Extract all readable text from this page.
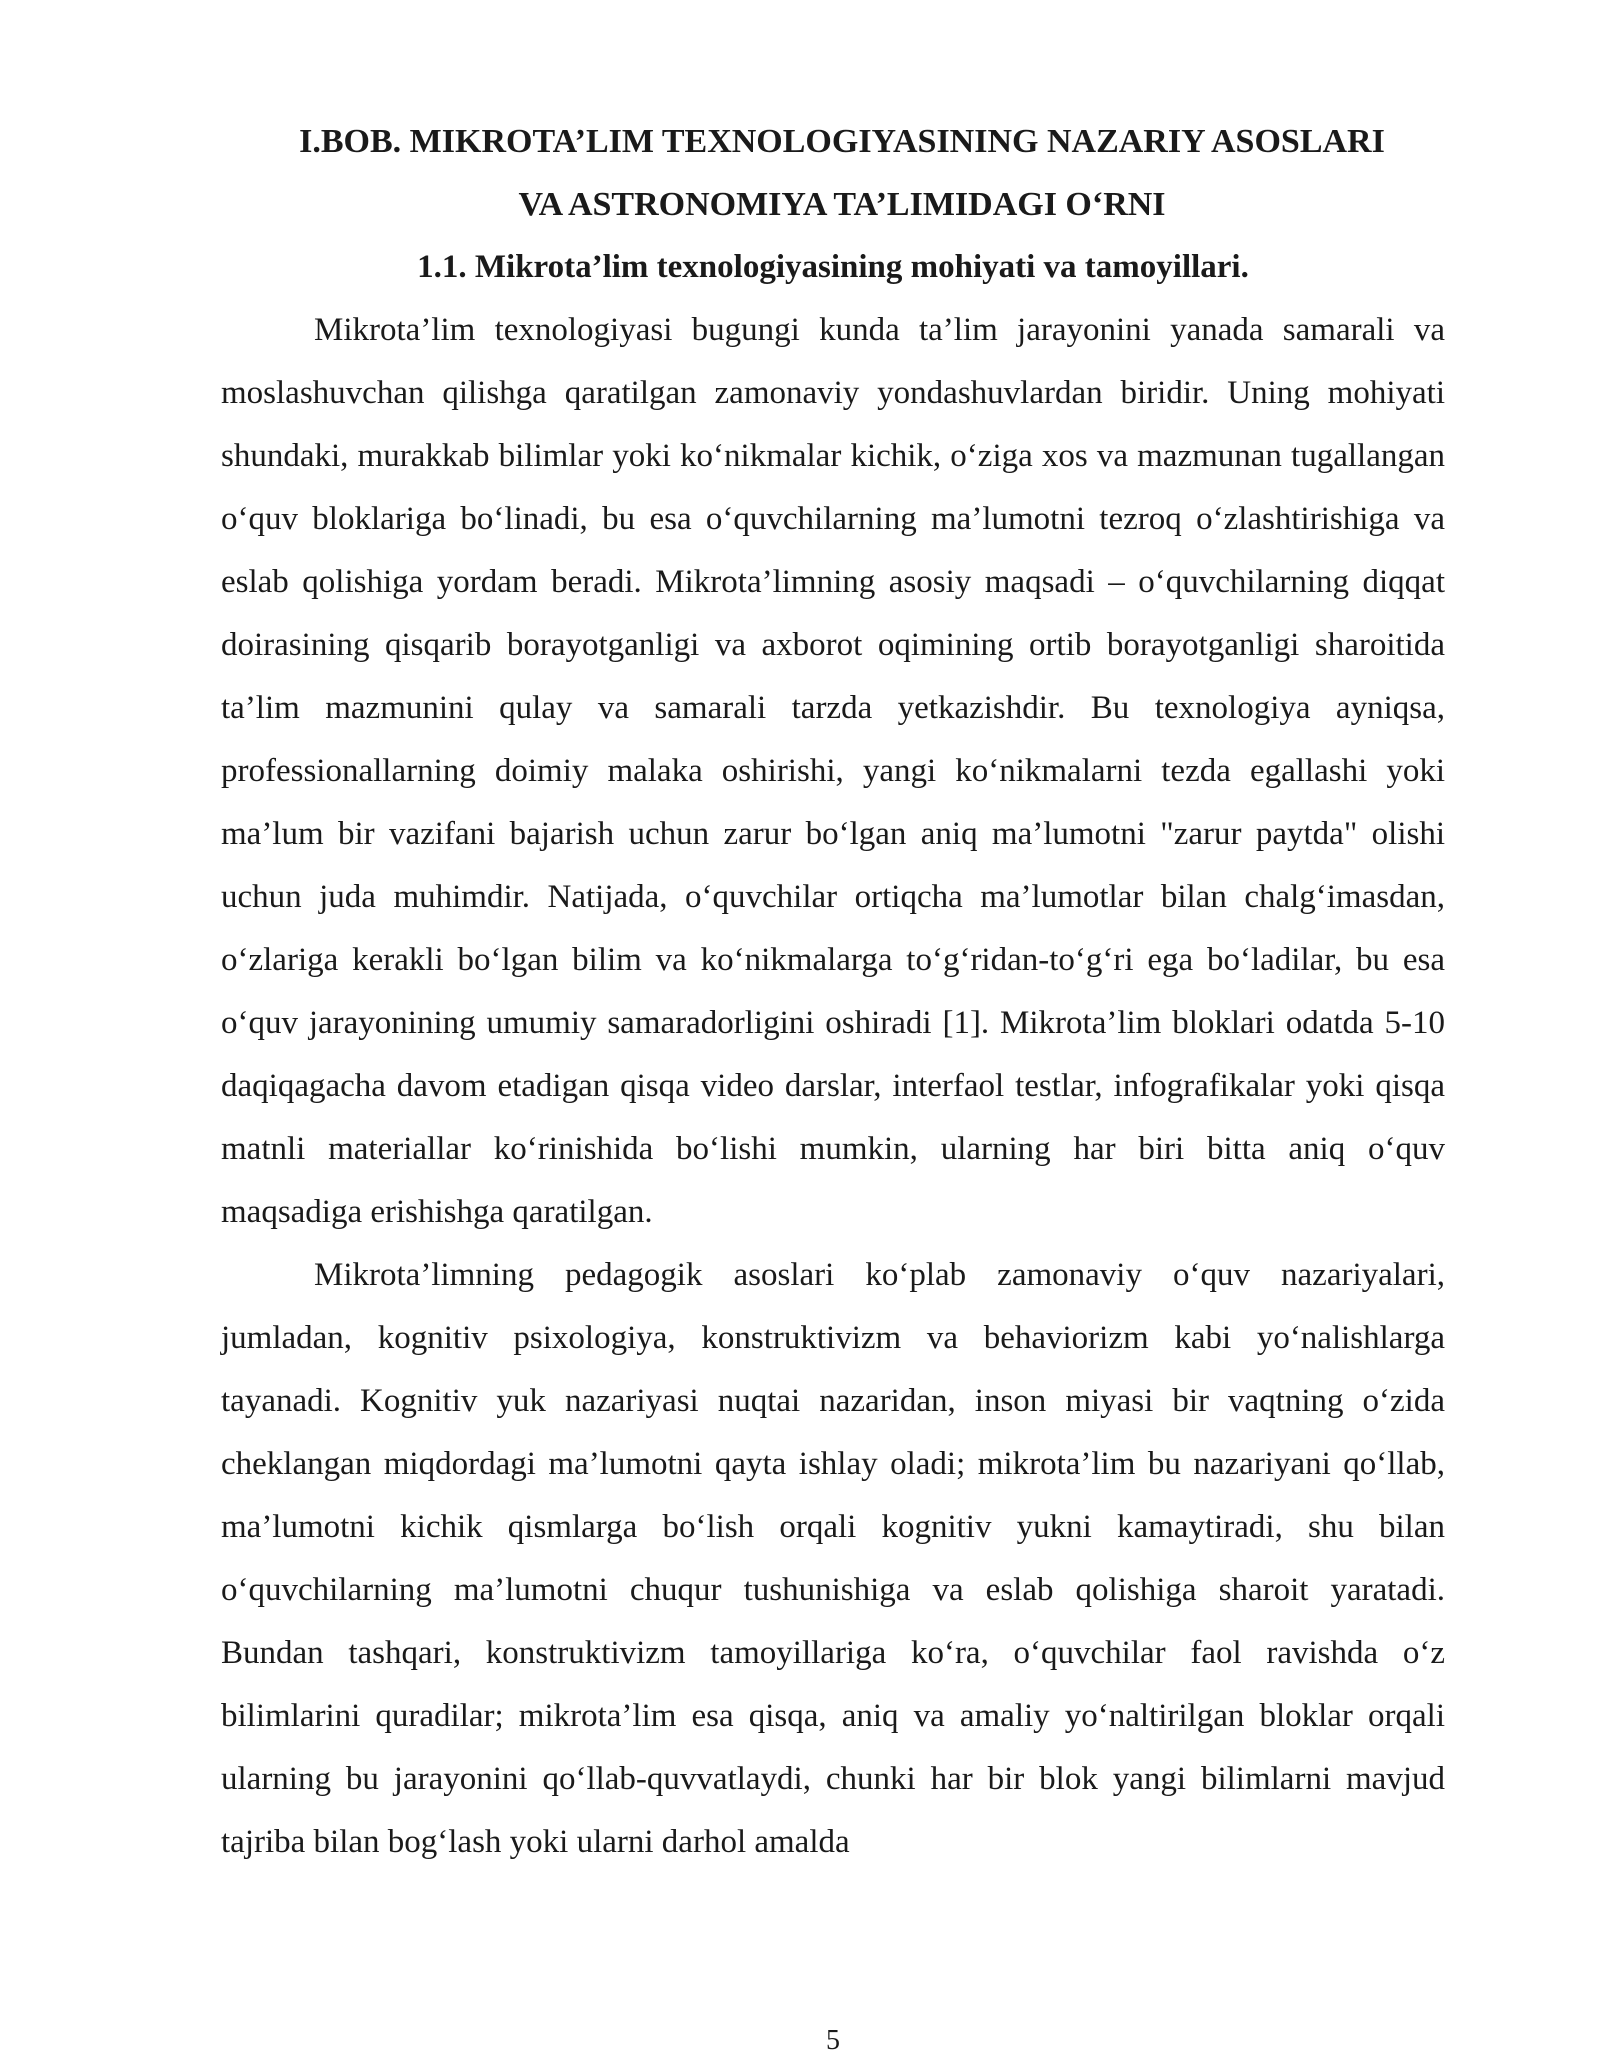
I.BOB. MIKROTA’LIM TEXNOLOGIYASINING NAZARIY ASOSLARI

VA ASTRONOMIYA TA’LIMIDAGI O‘RNI

1.1. Mikrota’lim texnologiyasining mohiyati va tamoyillari.

Mikrota’lim texnologiyasi bugungi kunda ta’lim jarayonini yanada samarali va moslashuvchan qilishga qaratilgan zamonaviy yondashuvlardan biridir. Uning mohiyati shundaki, murakkab bilimlar yoki ko‘nikmalar kichik, o‘ziga xos va mazmunan tugallangan o‘quv bloklariga bo‘linadi, bu esa o‘quvchilarning ma’lumotni tezroq o‘zlashtirishiga va eslab qolishiga yordam beradi. Mikrota’limning asosiy maqsadi – o‘quvchilarning diqqat doirasining qisqarib borayotganligi va axborot oqimining ortib borayotganligi sharoitida ta’lim mazmunini qulay va samarali tarzda yetkazishdir. Bu texnologiya ayniqsa, professionallarning doimiy malaka oshirishi, yangi ko‘nikmalarni tezda egallashi yoki ma’lum bir vazifani bajarish uchun zarur bo‘lgan aniq ma’lumotni "zarur paytda" olishi uchun juda muhimdir. Natijada, o‘quvchilar ortiqcha ma’lumotlar bilan chalg‘imasdan, o‘zlariga kerakli bo‘lgan bilim va ko‘nikmalarga to‘g‘ridan-to‘g‘ri ega bo‘ladilar, bu esa o‘quv jarayonining umumiy samaradorligini oshiradi [1]. Mikrota’lim bloklari odatda 5-10 daqiqagacha davom etadigan qisqa video darslar, interfaol testlar, infografikalar yoki qisqa matnli materiallar ko‘rinishida bo‘lishi mumkin, ularning har biri bitta aniq o‘quv maqsadiga erishishga qaratilgan.

Mikrota’limning pedagogik asoslari ko‘plab zamonaviy o‘quv nazariyalari, jumladan, kognitiv psixologiya, konstruktivizm va behaviorizm kabi yo‘nalishlarga tayanadi. Kognitiv yuk nazariyasi nuqtai nazaridan, inson miyasi bir vaqtning o‘zida cheklangan miqdordagi ma’lumotni qayta ishlay oladi; mikrota’lim bu nazariyani qo‘llab, ma’lumotni kichik qismlarga bo‘lish orqali kognitiv yukni kamaytiradi, shu bilan o‘quvchilarning ma’lumotni chuqur tushunishiga va eslab qolishiga sharoit yaratadi. Bundan tashqari, konstruktivizm tamoyillariga ko‘ra, o‘quvchilar faol ravishda o‘z bilimlarini quradilar; mikrota’lim esa qisqa, aniq va amaliy yo‘naltirilgan bloklar orqali ularning bu jarayonini qo‘llab-quvvatlaydi, chunki har bir blok yangi bilimlarni mavjud tajriba bilan bog‘lash yoki ularni darhol amalda

5
